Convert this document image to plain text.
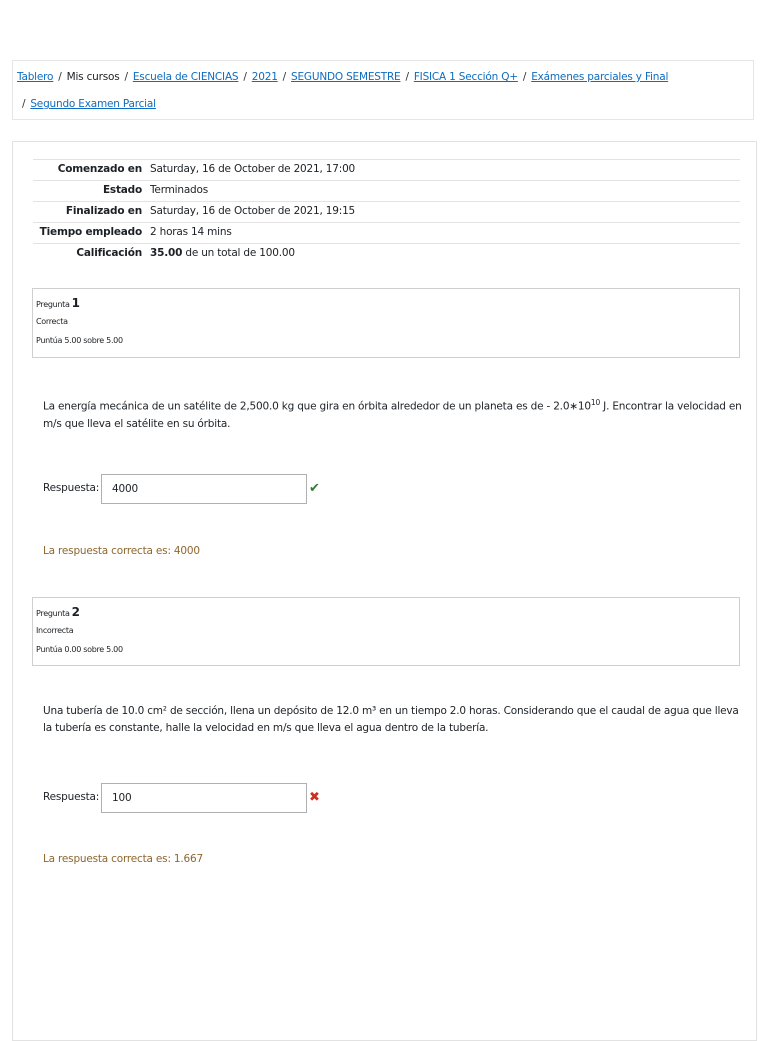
Tablero / Mis cursos / Escuela de CIENCIAS / 2021 / SEGUNDO SEMESTRE / FISICA 1 Sección Q+ / Exámenes parciales y Final
/ Segundo Examen Parcial
Comenzado en	Saturday, 16 de October de 2021, 17:00
Estado	Terminados
Finalizado en	Saturday, 16 de October de 2021, 19:15
Tiempo empleado	2 horas 14 mins
Calificación	35.00 de un total de 100.00
Pregunta 1
Correcta
Puntúa 5.00 sobre 5.00
La energía mecánica de un satélite de 2,500.0 kg que gira en órbita alrededor de un planeta es de - $2.0∗10^{10}$ J. Encontrar la velocidad en m/s que lleva el satélite en su órbita.
Respuesta:	4000	✔
La respuesta correcta es: 4000
Pregunta 2
Incorrecta
Puntúa 0.00 sobre 5.00
Una tubería de 10.0 cm² de sección, llena un depósito de 12.0 m³ en un tiempo 2.0 horas. Considerando que el caudal de agua que lleva la tubería es constante, halle la velocidad en m/s que lleva el agua dentro de la tubería.
Respuesta:	100	✖
La respuesta correcta es: 1.667
